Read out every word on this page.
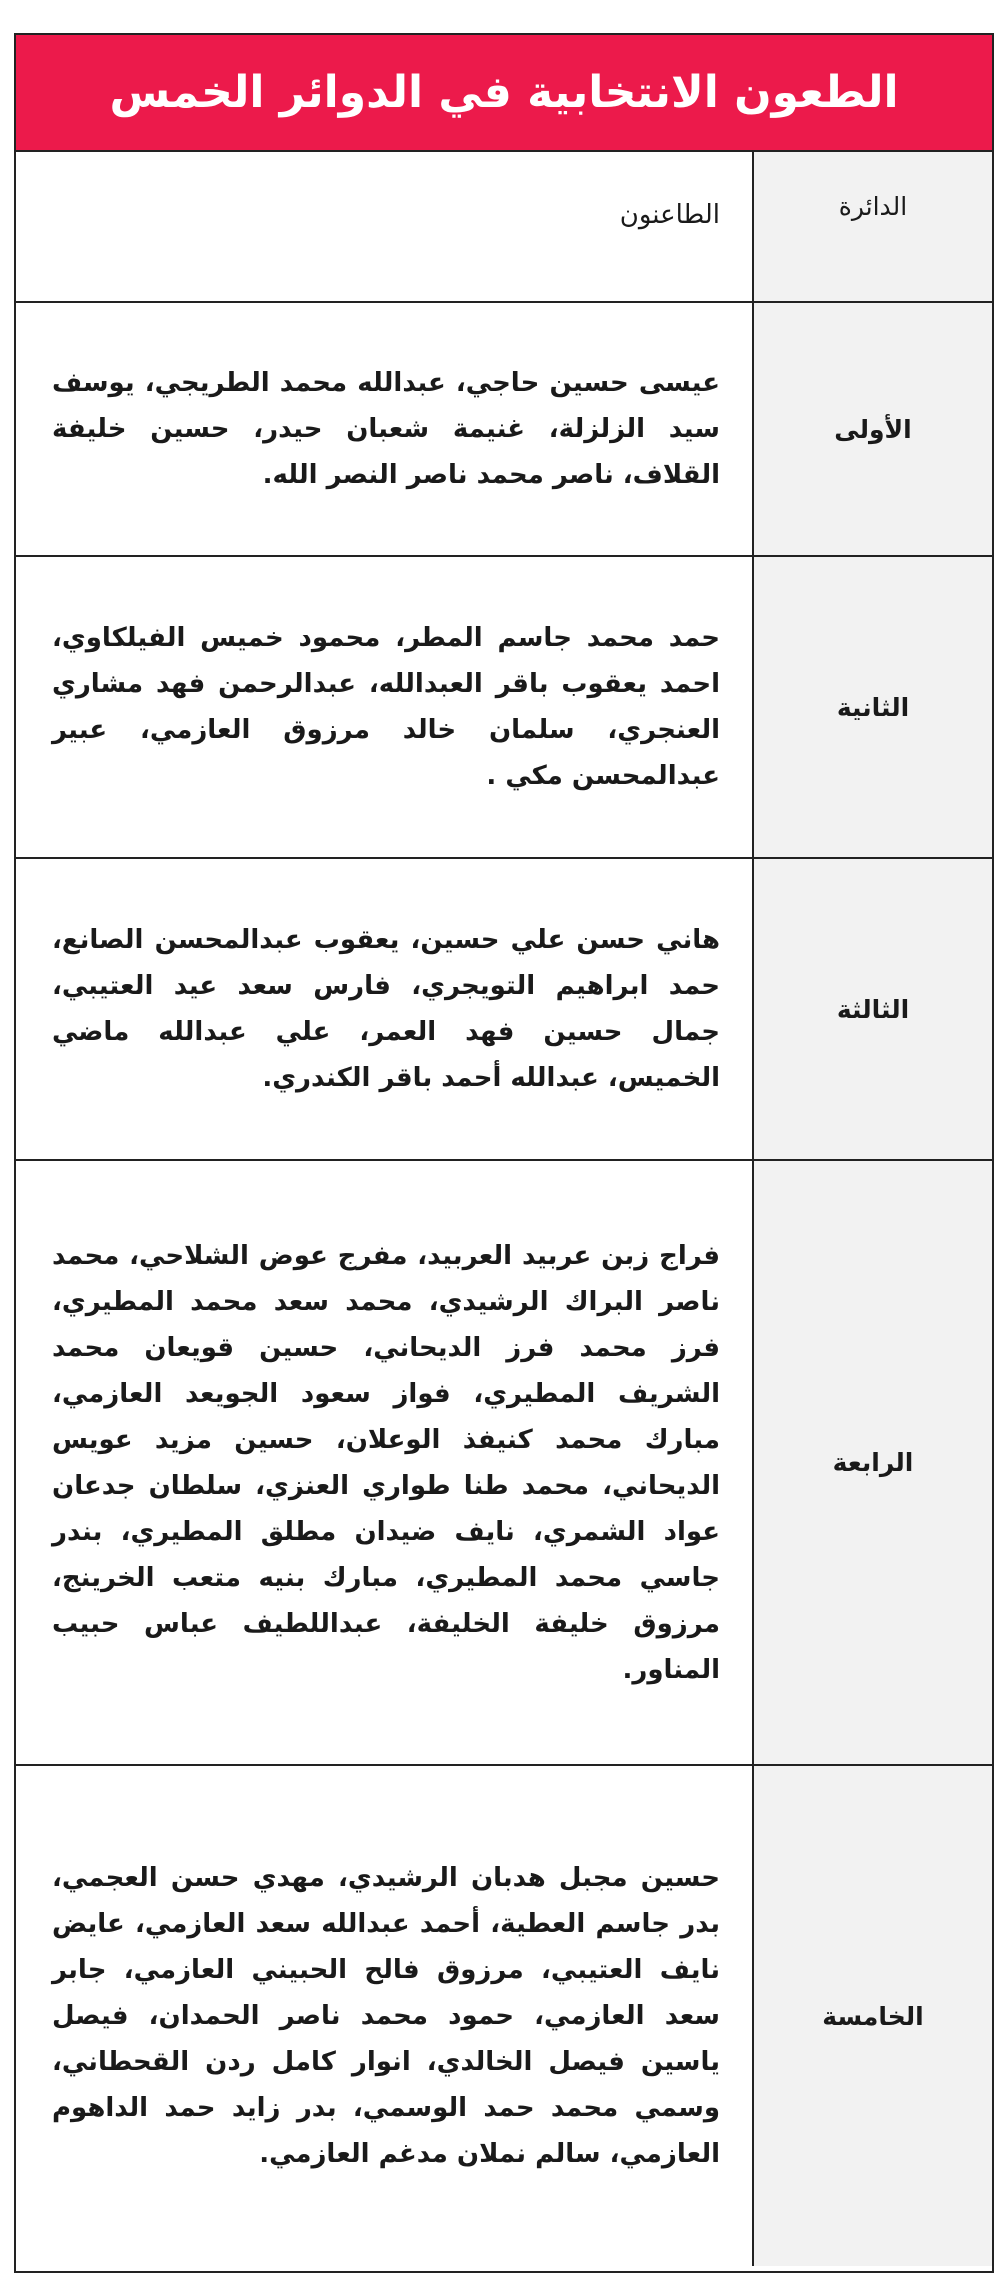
الطعون الانتخابية في الدوائر الخمس
الدائرة
الطاعنون
الأولى
عيسى حسين حاجي، عبدالله محمد الطريجي، يوسف سيد الزلزلة، غنيمة شعبان حيدر، حسين خليفة القلاف، ناصر محمد ناصر النصر الله.
الثانية
حمد محمد جاسم المطر، محمود خميس الفيلكاوي، احمد يعقوب باقر العبدالله، عبدالرحمن فهد مشاري العنجري، سلمان خالد مرزوق العازمي، عبير عبدالمحسن مكي .
الثالثة
هاني حسن علي حسين، يعقوب عبدالمحسن الصانع، حمد ابراهيم التويجري، فارس سعد عيد العتيبي، جمال حسين فهد العمر، علي عبدالله ماضي الخميس، عبدالله أحمد باقر الكندري.
الرابعة
فراج زبن عربيد العربيد، مفرج عوض الشلاحي، محمد ناصر البراك الرشيدي، محمد سعد محمد المطيري، فرز محمد فرز الديحاني، حسين قويعان محمد الشريف المطيري، فواز سعود الجويعد العازمي، مبارك محمد كنيفذ الوعلان، حسين مزيد عويس الديحاني، محمد طنا طواري العنزي، سلطان جدعان عواد الشمري، نايف ضيدان مطلق المطيري، بندر جاسي محمد المطيري، مبارك بنيه متعب الخرينج، مرزوق خليفة الخليفة، عبداللطيف عباس حبيب المناور.
الخامسة
حسين مجبل هدبان الرشيدي، مهدي حسن العجمي، بدر جاسم العطية، أحمد عبدالله سعد العازمي، عايض نايف العتيبي، مرزوق فالح الحبيني العازمي، جابر سعد العازمي، حمود محمد ناصر الحمدان، فيصل ياسين فيصل الخالدي، انوار كامل ردن القحطاني، وسمي محمد حمد الوسمي، بدر زايد حمد الداهوم العازمي، سالم نملان مدغم العازمي.
